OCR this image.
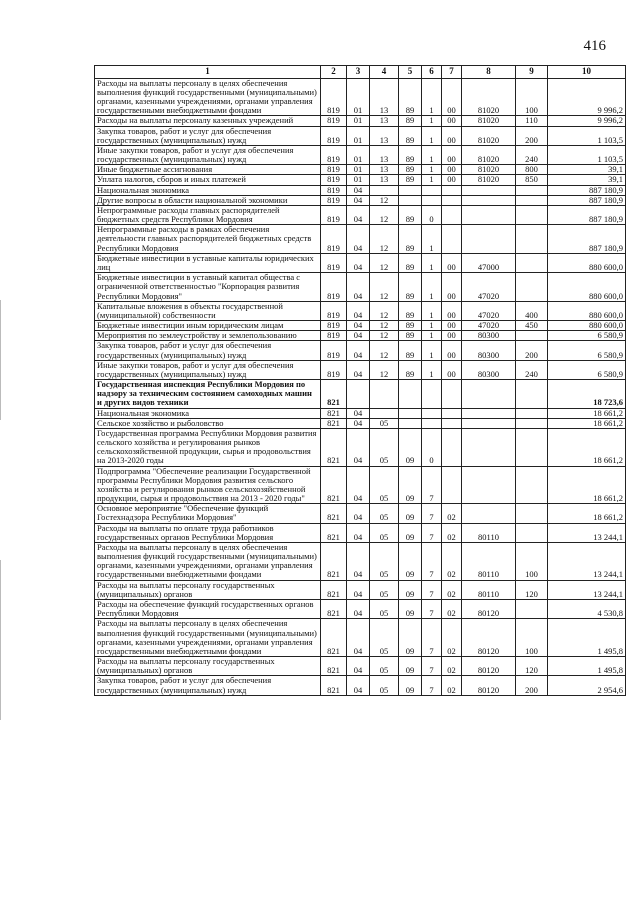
416
1	2	3	4	5	6	7	8	9	10
Расходы на выплаты персоналу в целях обеспечения выполнения функций государственными (муниципальными) органами, казенными учреждениями, органами управления государственными внебюджетными фондами	819	01	13	89	1	00	81020	100	9 996,2
Расходы на выплаты персоналу казенных учреждений	819	01	13	89	1	00	81020	110	9 996,2
Закупка товаров, работ и услуг для обеспечения государственных (муниципальных) нужд	819	01	13	89	1	00	81020	200	1 103,5
Иные закупки товаров, работ и услуг для обеспечения государственных (муниципальных) нужд	819	01	13	89	1	00	81020	240	1 103,5
Иные бюджетные ассигнования	819	01	13	89	1	00	81020	800	39,1
Уплата налогов, сборов и иных платежей	819	01	13	89	1	00	81020	850	39,1
Национальная экономика	819	04							887 180,9
Другие вопросы в области национальной экономики	819	04	12						887 180,9
Непрограммные расходы главных распорядителей бюджетных средств Республики Мордовия	819	04	12	89	0				887 180,9
Непрограммные расходы в рамках обеспечения деятельности главных распорядителей бюджетных средств Республики Мордовия	819	04	12	89	1				887 180,9
Бюджетные инвестиции в уставные капиталы юридических лиц	819	04	12	89	1	00	47000		880 600,0
Бюджетные инвестиции в уставный капитал общества с ограниченной ответственностью "Корпорация развития Республики Мордовия"	819	04	12	89	1	00	47020		880 600,0
Капитальные вложения в объекты государственной (муниципальной) собственности	819	04	12	89	1	00	47020	400	880 600,0
Бюджетные инвестиции иным юридическим лицам	819	04	12	89	1	00	47020	450	880 600,0
Мероприятия по землеустройству и землепользованию	819	04	12	89	1	00	80300		6 580,9
Закупка товаров, работ и услуг для обеспечения государственных (муниципальных) нужд	819	04	12	89	1	00	80300	200	6 580,9
Иные закупки товаров, работ и услуг для обеспечения государственных (муниципальных) нужд	819	04	12	89	1	00	80300	240	6 580,9
Государственная инспекция Республики Мордовия по надзору за техническим состоянием самоходных машин и других видов техники	821								18 723,6
Национальная экономика	821	04							18 661,2
Сельское хозяйство и рыболовство	821	04	05						18 661,2
Государственная программа Республики Мордовия развития сельского хозяйства и регулирования рынков сельскохозяйственной продукции, сырья и продовольствия на 2013-2020 годы	821	04	05	09	0				18 661,2
Подпрограмма "Обеспечение реализации Государственной программы Республики Мордовия развития сельского хозяйства и регулирования рынков сельскохозяйственной продукции, сырья и продовольствия на 2013 - 2020 годы"	821	04	05	09	7				18 661,2
Основное мероприятие "Обеспечение функций Гостехнадзора Республики Мордовия"	821	04	05	09	7	02			18 661,2
Расходы на выплаты по оплате труда работников государственных органов Республики Мордовия	821	04	05	09	7	02	80110		13 244,1
Расходы на выплаты персоналу в целях обеспечения выполнения функций государственными (муниципальными) органами, казенными учреждениями, органами управления государственными внебюджетными фондами	821	04	05	09	7	02	80110	100	13 244,1
Расходы на выплаты персоналу государственных (муниципальных) органов	821	04	05	09	7	02	80110	120	13 244,1
Расходы на обеспечение функций государственных органов Республики Мордовия	821	04	05	09	7	02	80120		4 530,8
Расходы на выплаты персоналу в целях обеспечения выполнения функций государственными (муниципальными) органами, казенными учреждениями, органами управления государственными внебюджетными фондами	821	04	05	09	7	02	80120	100	1 495,8
Расходы на выплаты персоналу государственных (муниципальных) органов	821	04	05	09	7	02	80120	120	1 495,8
Закупка товаров, работ и услуг для обеспечения государственных (муниципальных) нужд	821	04	05	09	7	02	80120	200	2 954,6
